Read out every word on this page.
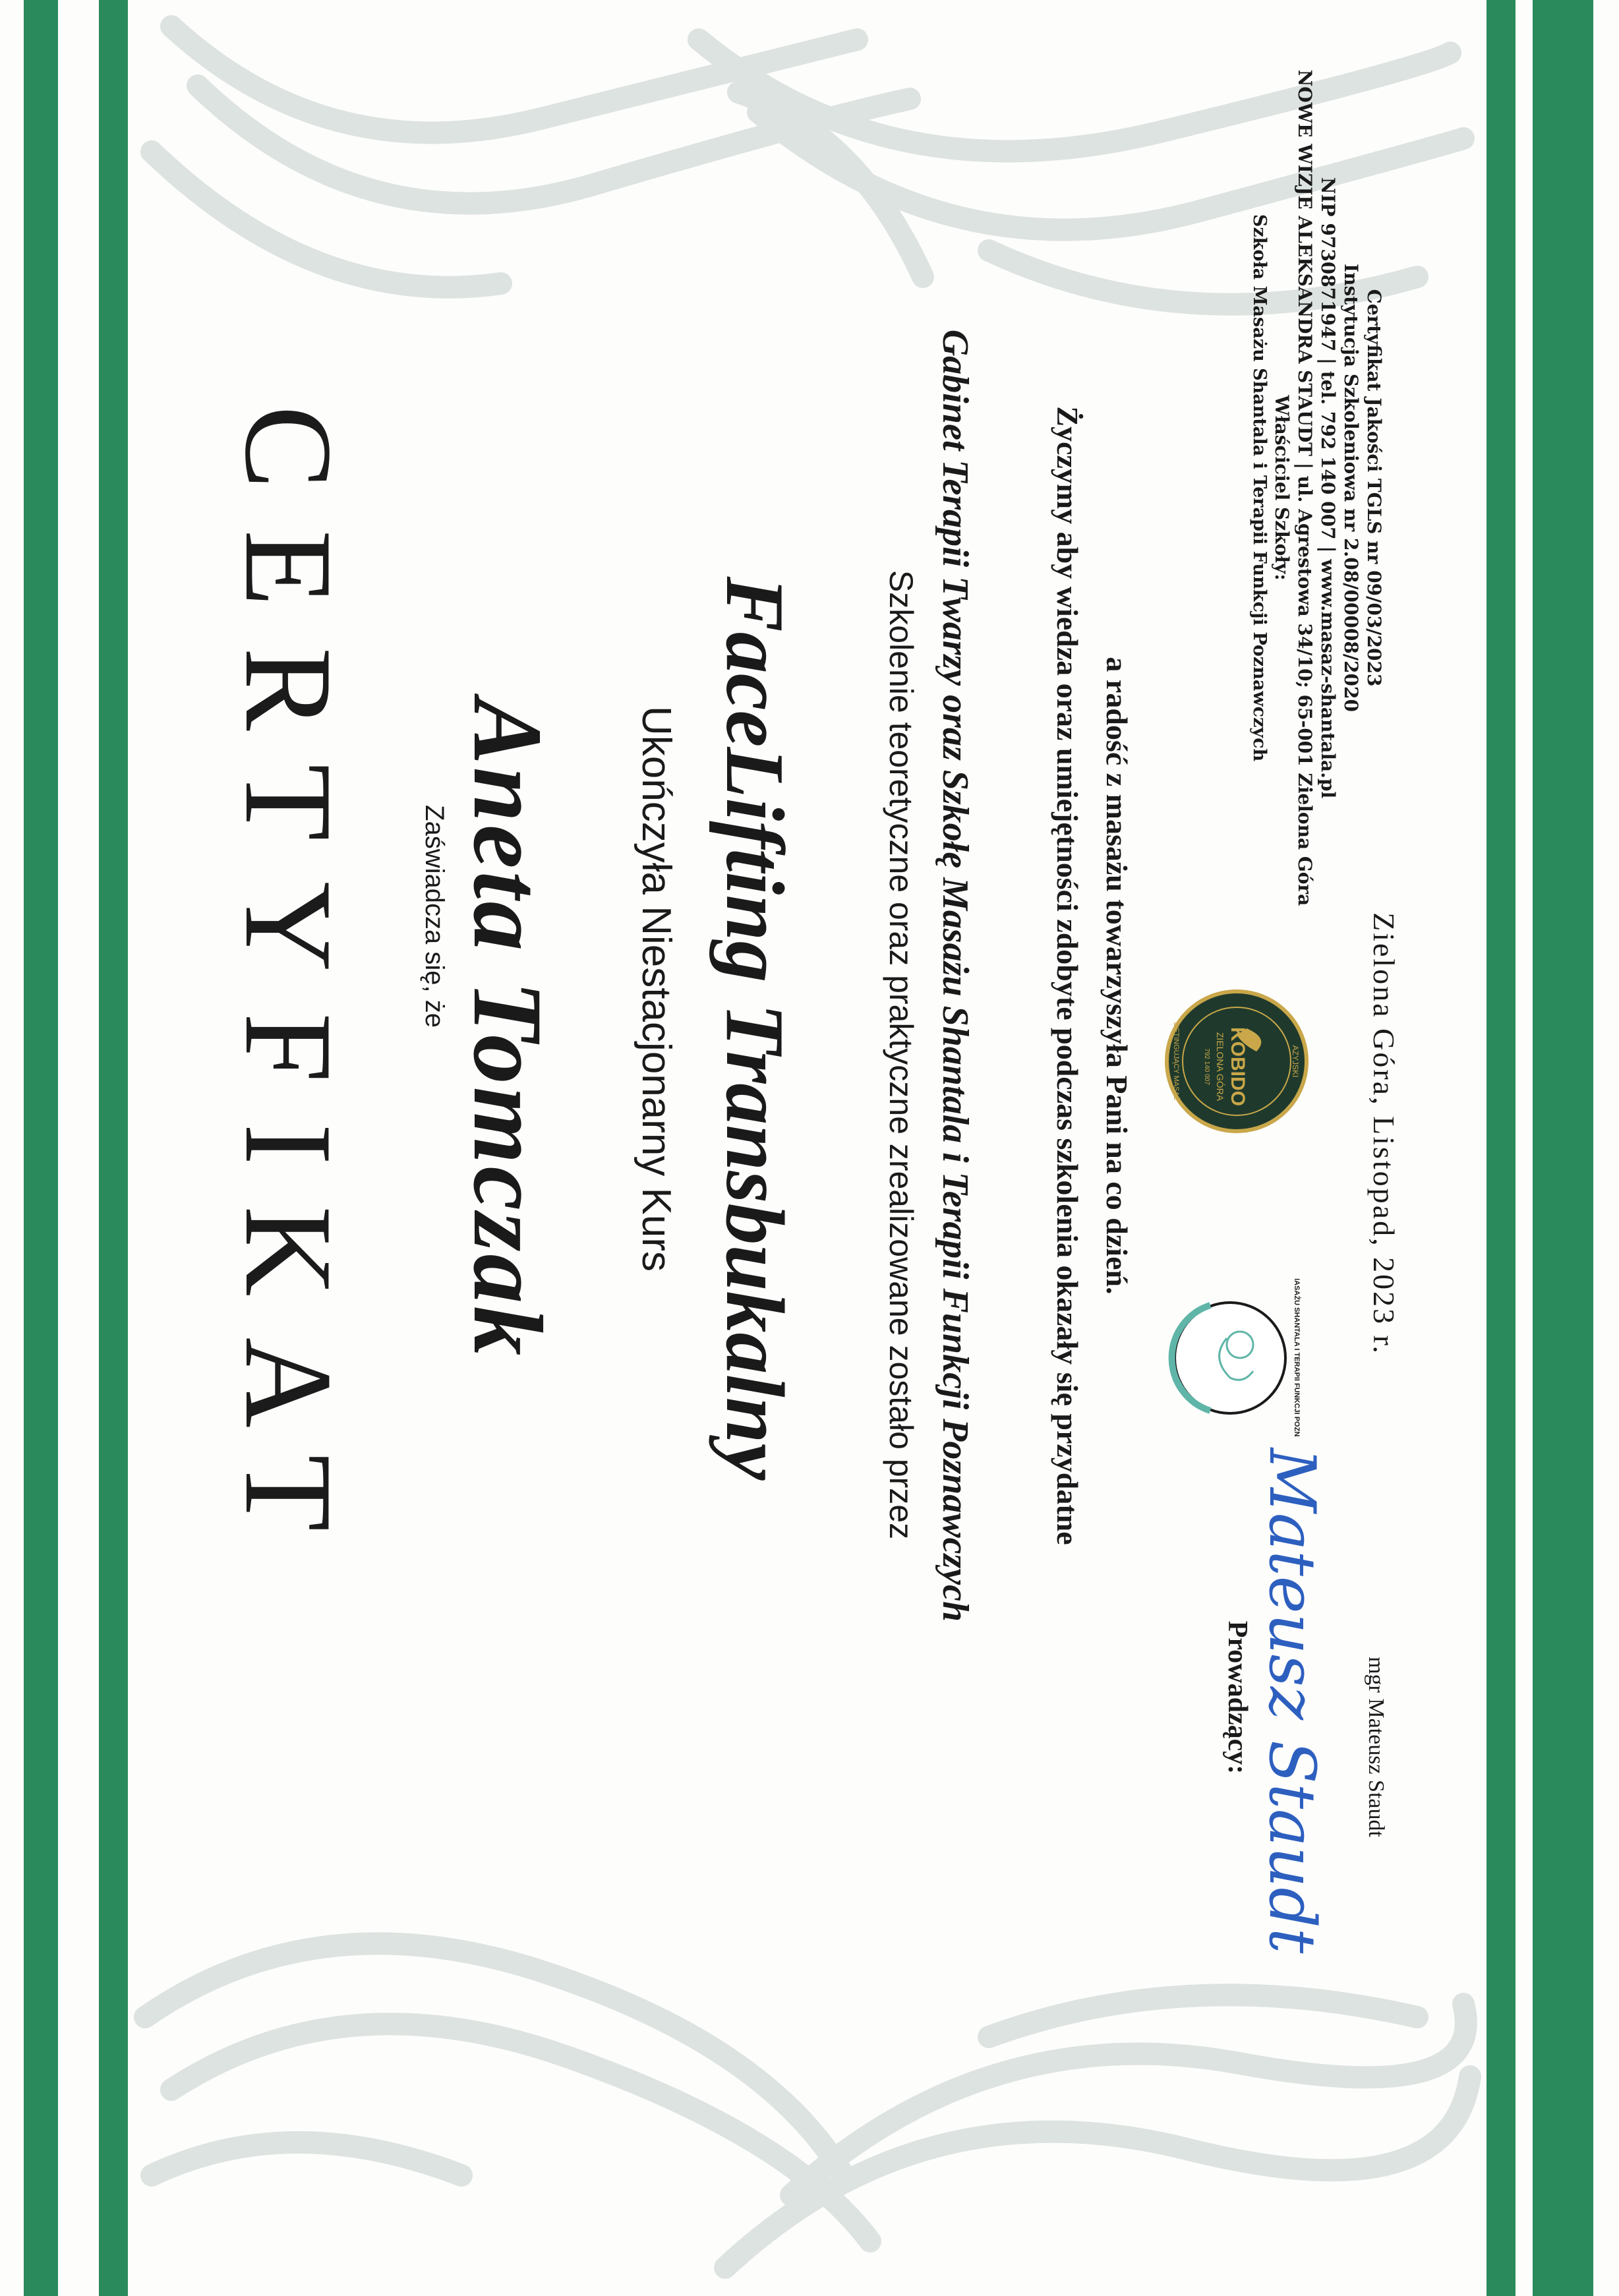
CERTYFIKAT Zaświadcza się, że Aneta Tomczak Ukończyła Niestacjonarny Kurs FaceLifting Transbukalny	Szkolenie teoretyczne oraz praktyczne zrealizowane zostało przez Gabinet Terapii Twarzy oraz Szkołę Masażu Shantala i Terapii Funkcji Poznawczych Życzymy aby wiedza oraz umiejętności zdobyte podczas szkolenia okazały się przydatne a radość z masażu towarzyszyła Pani na co dzień.
Szkoła Masażu Shantala i Terapii Funkcji Poznawczych Właściciel Szkoły: NOWE WIZJE ALEKSANDRA STAUDT | ul. Agrestowa 34/10; 65-001 Zielona Góra NIP 9730871947 | tel. 792 140 007 | www.masaz-shantala.pl Instytucja Szkoleniowa nr 2.08/00008/2020 Certyfikat Jakości TGLS nr 09/03/2023
AZYJSKI
LIFTINGUJĄCY MASAŻ KOBIDO
ZIELONA GÓRA
792 140 007
SZKOŁA MASAŻU SHANTALA I TERAPII FUNKCJI POZNAWCZYCH
Zielona Góra, Listopad, 2023 r.
Prowadzący: Mateusz Staudt mgr Mateusz Staudt
